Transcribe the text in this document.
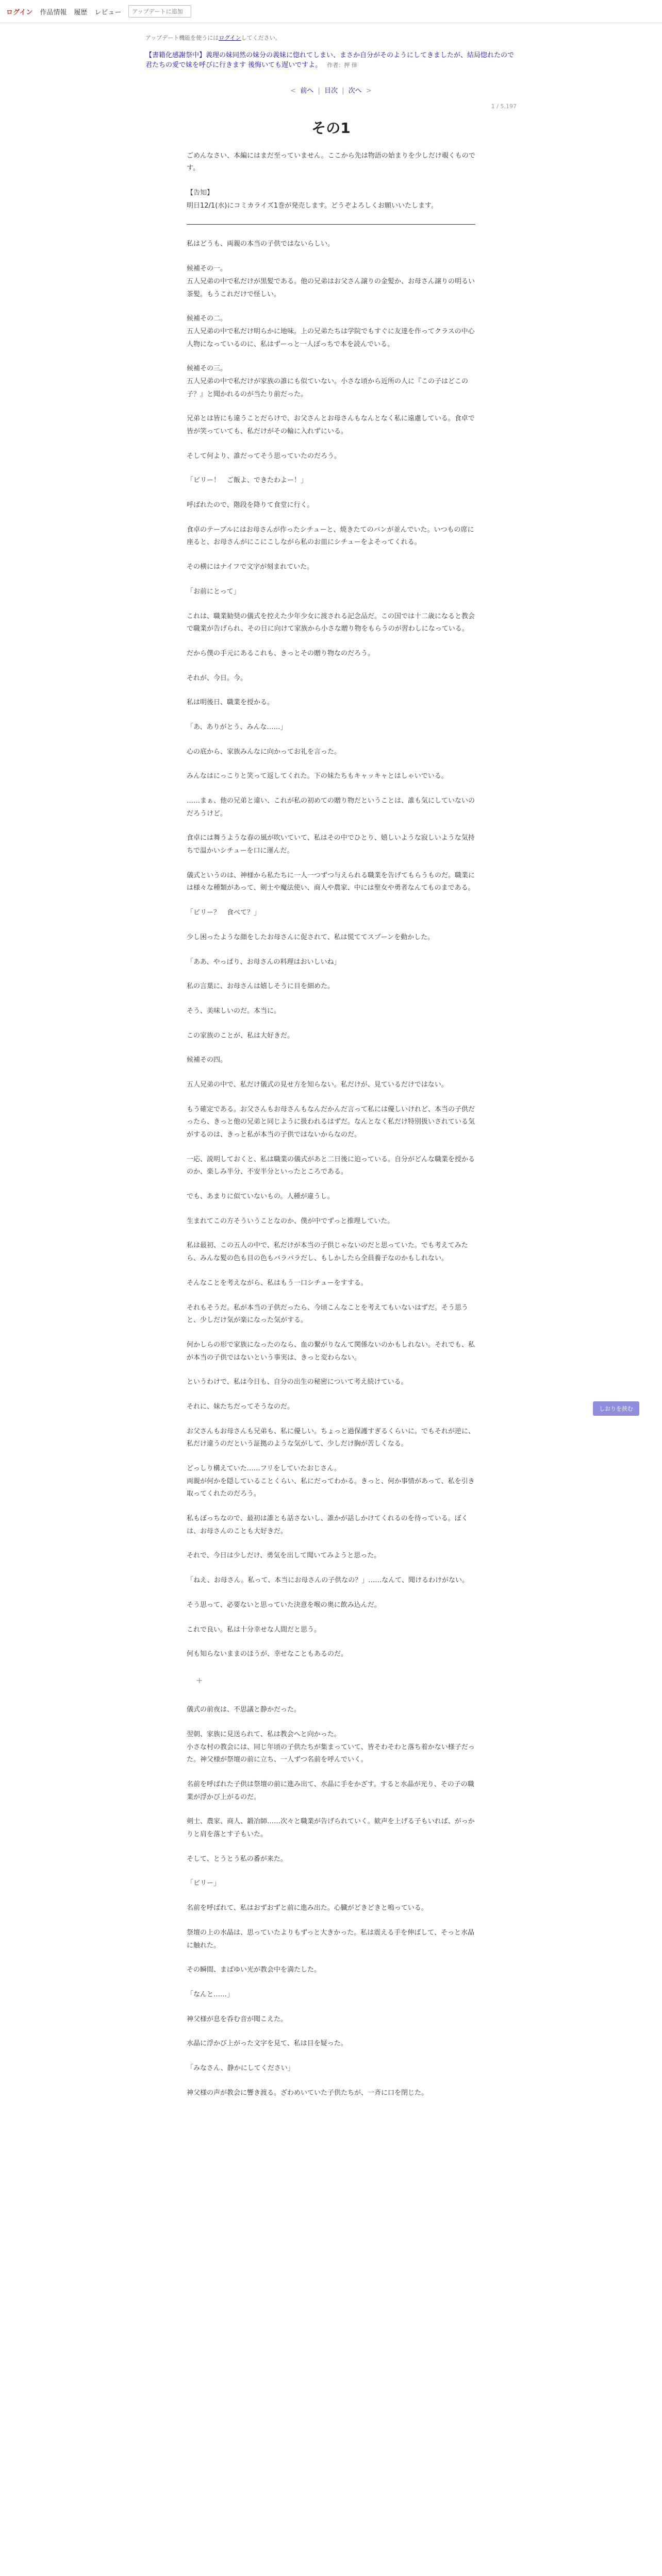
ログイン 作品情報 履歴 レビュー
アップデートに追加
アップデート機能を使うにはログインしてください。
【書籍化感謝祭中】義理の妹同然の妹分の義妹に惚れてしまい、まさか自分がそのようにしてきましたが、結局惚れたので君たちの愛で妹を呼びに行きます 後悔いても遅いですよ。 作者：押 倖
< 前へ | 目次 | 次へ >
1 / 5,197
その1

ごめんなさい、本編にはまだ至っていません。ここから先は物語の始まりを少しだけ覗くものです。

【告知】
明日12/1(水)にコミカライズ1巻が発売します。どうぞよろしくお願いいたします。

私はどうも、両親の本当の子供ではないらしい。

候補その一。
五人兄弟の中で私だけが黒髪である。他の兄弟はお父さん譲りの金髪か、お母さん譲りの明るい茶髪。もうこれだけで怪しい。

候補その二。
五人兄弟の中で私だけ明らかに地味。上の兄弟たちは学院でもすぐに友達を作ってクラスの中心人物になっているのに、私はずーっと一人ぼっちで本を読んでいる。

候補その三。
五人兄弟の中で私だけが家族の誰にも似ていない。小さな頃から近所の人に『この子はどこの子？』と聞かれるのが当たり前だった。

兄弟とは皆にも違うことだらけで、お父さんとお母さんもなんとなく私に遠慮している。食卓で皆が笑っていても、私だけがその輪に入れずにいる。

そして何より、誰だってそう思っていたのだろう。

「ビリー！　ご飯よ、できたわよー！」

呼ばれたので、階段を降りて食堂に行く。

食卓のテーブルにはお母さんが作ったシチューと、焼きたてのパンが並んでいた。いつもの席に座ると、お母さんがにこにこしながら私のお皿にシチューをよそってくれる。

その横にはナイフで文字が刻まれていた。

「お前にとって」

これは、職業勧奨の儀式を控えた少年少女に渡される記念品だ。この国では十二歳になると教会で職業が告げられ、その日に向けて家族から小さな贈り物をもらうのが習わしになっている。

だから僕の手元にあるこれも、きっとその贈り物なのだろう。

それが、今日。今。

私は明後日、職業を授かる。

「あ、ありがとう、みんな……」

心の底から、家族みんなに向かってお礼を言った。

みんなはにっこりと笑って返してくれた。下の妹たちもキャッキャとはしゃいでいる。

……まぁ、他の兄弟と違い、これが私の初めての贈り物だということは、誰も気にしていないのだろうけど。

食卓には舞うような春の風が吹いていて、私はその中でひとり、嬉しいような寂しいような気持ちで温かいシチューを口に運んだ。

儀式というのは、神様から私たちに一人一つずつ与えられる職業を告げてもらうものだ。職業には様々な種類があって、剣士や魔法使い、商人や農家、中には聖女や勇者なんてものまである。

「ビリー？　食べて？」

少し困ったような顔をしたお母さんに促されて、私は慌ててスプーンを動かした。

「ああ、やっぱり、お母さんの料理はおいしいね」

私の言葉に、お母さんは嬉しそうに目を細めた。

そう、美味しいのだ。本当に。

この家族のことが、私は大好きだ。

候補その四。

五人兄弟の中で、私だけ儀式の見せ方を知らない。私だけが、見ているだけではない。

もう確定である。お父さんもお母さんもなんだかんだ言って私には優しいけれど、本当の子供だったら、きっと他の兄弟と同じように扱われるはずだ。なんとなく私だけ特別扱いされている気がするのは、きっと私が本当の子供ではないからなのだ。

一応、説明しておくと、私は職業の儀式があと二日後に迫っている。自分がどんな職業を授かるのか、楽しみ半分、不安半分といったところである。

でも、あまりに似ていないもの。人種が違うし。

生まれてこの方そういうことなのか、僕が中でずっと推理していた。

私は最初、この五人の中で、私だけが本当の子供じゃないのだと思っていた。でも考えてみたら、みんな髪の色も目の色もバラバラだし、もしかしたら全員養子なのかもしれない。

そんなことを考えながら、私はもう一口シチューをすする。

それもそうだ。私が本当の子供だったら、今頃こんなことを考えてもいないはずだ。そう思うと、少しだけ気が楽になった気がする。

何かしらの形で家族になったのなら、血の繋がりなんて関係ないのかもしれない。それでも、私が本当の子供ではないという事実は、きっと変わらない。

というわけで、私は今日も、自分の出生の秘密について考え続けている。

それに、妹たちだってそうなのだ。

お父さんもお母さんも兄弟も、私に優しい。ちょっと過保護すぎるくらいに。でもそれが逆に、私だけ違うのだという証拠のような気がして、少しだけ胸が苦しくなる。

どっしり構えていた……フリをしていたおじさん。
両親が何かを隠していることくらい、私にだってわかる。きっと、何か事情があって、私を引き取ってくれたのだろう。

私もぼっちなので、最初は誰とも話さないし、誰かが話しかけてくれるのを待っている。ぼくは、お母さんのことも大好きだ。

それで、今日は少しだけ、勇気を出して聞いてみようと思った。

「ねえ、お母さん。私って、本当にお母さんの子供なの？」……なんて、聞けるわけがない。

そう思って、必要ないと思っていた決意を喉の奥に飲み込んだ。

これで良い。私は十分幸せな人間だと思う。

何も知らないままのほうが、幸せなこともあるのだ。

+

儀式の前夜は、不思議と静かだった。

翌朝、家族に見送られて、私は教会へと向かった。
小さな村の教会には、同じ年頃の子供たちが集まっていて、皆そわそわと落ち着かない様子だった。神父様が祭壇の前に立ち、一人ずつ名前を呼んでいく。

名前を呼ばれた子供は祭壇の前に進み出て、水晶に手をかざす。すると水晶が光り、その子の職業が浮かび上がるのだ。

剣士、農家、商人、鍛冶師……次々と職業が告げられていく。歓声を上げる子もいれば、がっかりと肩を落とす子もいた。

そして、とうとう私の番が来た。

「ビリー」

名前を呼ばれて、私はおずおずと前に進み出た。心臓がどきどきと鳴っている。

祭壇の上の水晶は、思っていたよりもずっと大きかった。私は震える手を伸ばして、そっと水晶に触れた。

その瞬間、まばゆい光が教会中を満たした。

「なんと……」

神父様が息を呑む音が聞こえた。

水晶に浮かび上がった文字を見て、私は目を疑った。

「みなさん、静かにしてください」

神父様の声が教会に響き渡る。ざわめいていた子供たちが、一斉に口を閉じた。

しおりを挟む
